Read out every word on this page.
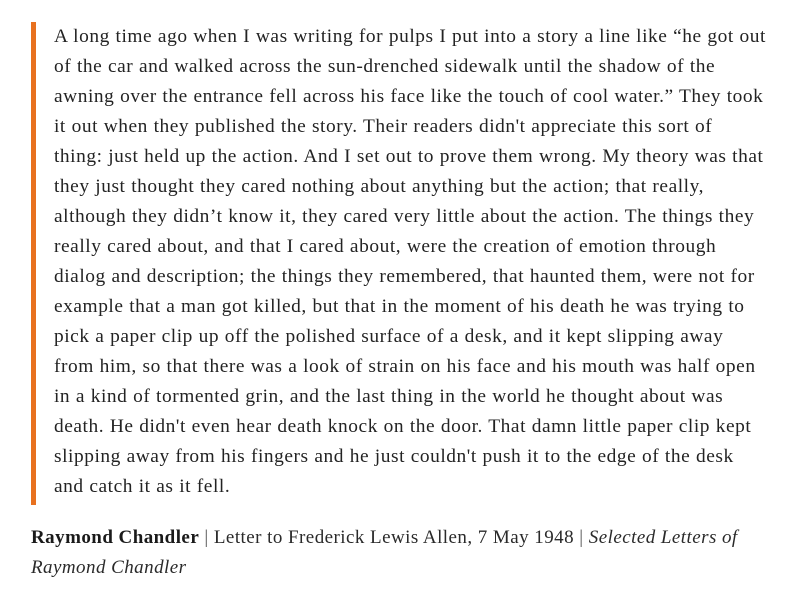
A long time ago when I was writing for pulps I put into a story a line like “he got out of the car and walked across the sun-drenched sidewalk until the shadow of the awning over the entrance fell across his face like the touch of cool water.” They took it out when they published the story. Their readers didn't appreciate this sort of thing: just held up the action. And I set out to prove them wrong. My theory was that they just thought they cared nothing about anything but the action; that really, although they didn’t know it, they cared very little about the action. The things they really cared about, and that I cared about, were the creation of emotion through dialog and description; the things they remembered, that haunted them, were not for example that a man got killed, but that in the moment of his death he was trying to pick a paper clip up off the polished surface of a desk, and it kept slipping away from him, so that there was a look of strain on his face and his mouth was half open in a kind of tormented grin, and the last thing in the world he thought about was death. He didn't even hear death knock on the door. That damn little paper clip kept slipping away from his fingers and he just couldn't push it to the edge of the desk and catch it as it fell.

Raymond Chandler | Letter to Frederick Lewis Allen, 7 May 1948 | Selected Letters of Raymond Chandler
